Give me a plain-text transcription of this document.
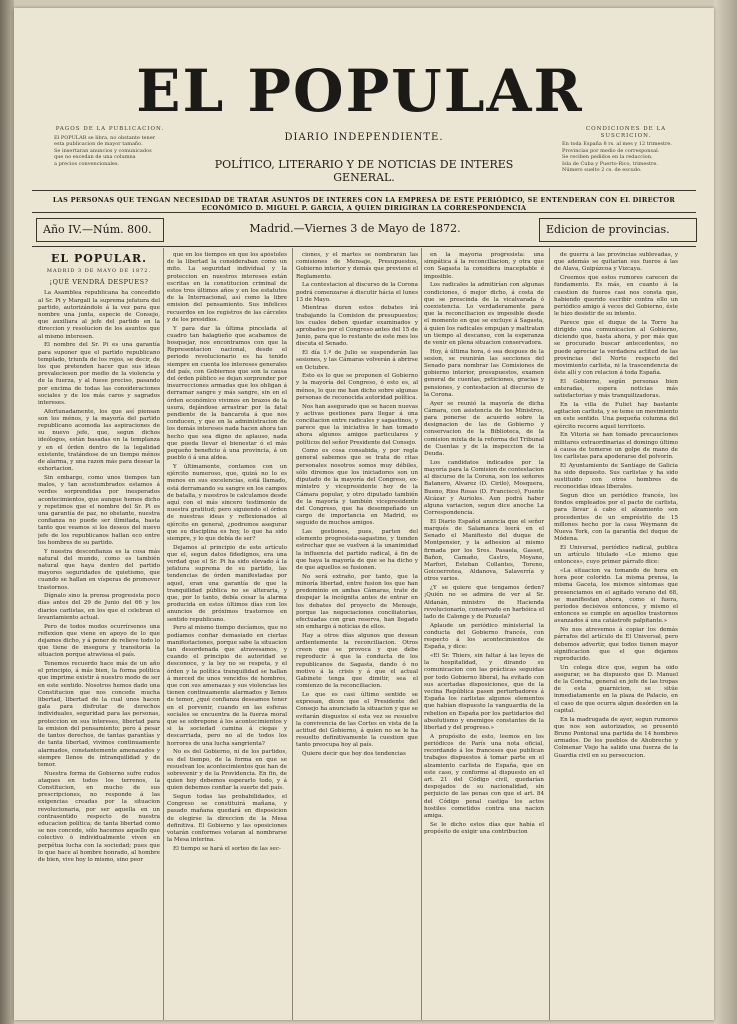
EL POPULAR
PAGOS DE LA PUBLICACION.
El POPULAR se libra, no obstante tener
esta publicacion de mayor tamaño.
Se insertaran anuncios y comunicados
que no excedan de una columna
a precios convencionales.
CONDICIONES DE LA SUSCRICION.
En toda España 8 rs. al mes y 12 trimestre.
Provincias por medio de corresponsal.
Se reciben pedidos en la redaccion.
Isla de Cuba y Puerto-Rico, trimestre.
Número suelto 2 cs. de escudo.
DIARIO INDEPENDIENTE.
POLÍTICO, LITERARIO Y DE NOTICIAS DE INTERES GENERAL.
LAS PERSONAS QUE TENGAN NECESIDAD DE TRATAR ASUNTOS DE INTERES CON LA EMPRESA DE ESTE PERIÓDICO, SE ENTENDERAN CON EL DIRECTOR ECONÓMICO D. MIGUEL P. GARCIA, A QUIEN DIRIGIRAN LA CORRESPONDENCIA
Año IV.—Núm. 800.	Madrid.—Viernes 3 de Mayo de 1872.	Edicion de provincias.
EL POPULAR.
MADRID 3 DE MAYO DE 1872.
¡QUÉ VENDRÁ DESPUES?

La Asamblea republicana ha concedido al Sr. Pi y Margall la suprema jefatura del partido, autorizándole á la vez para que nombre una junta, especie de Consejo, que auxiliara al jefe del partido en la direccion y resolucion de los asuntos que al mismo interesen.

El nombre del Sr. Pi es una garantía para suponer que el partido republicano templado, triunfa de los rojos, se decir, de los que pretenden hacer que sus ideas prevaleciesen por medio de la violencia y de la fuerza, y al fuese preciso, pasando por encima de todas las consideraciones sociales y de los más caros y sagrados intereses.

Afortunadamente, los que así piensan son los ménos, y la mayoría del partido republicano acomoda las aspiraciones de su nuevo jefe, que, segun dichos ideólogos, están basadas en la templanza y en el órden dentro de la legalidad existente, tratándose de un tiempo ménos de alarma, y una razon más para desear la exhortacion.

Sin embargo, como unos tiempos tan malos, y tan acostumbrados estamos á verdes sorprendidas por inesperados acontecimientos, que aunque hemos dicho y repetimos que el nombre del Sr. Pi es una garantía de paz, no obstante, nuestra confianza no puede ser ilimitada, basta tanto que veamos si los deseos del nuevo jefe de los republicanos hallan eco entre los hombres de su partido.

Y nuestra desconfianza es la cosa más natural del mundo, como es también natural que haya dentro del partido mayores seguridades de quietismo, que cuando se hallan en vísperas de promover trastornos.

Dígnalo sino la prensa progresista poco días antes del 29 de Junio del 66 y los diarios carlistas, en los que el celebran el levantamiento actual.

Pero de todos modos ocurrírsenos una reflexion que viene en apoyo de lo que dejamos dicho, y á poner de relieve todo lo que tiene de insegura y transitoria la situacion porque atraviesa el país.

Tenemos recuerdo hace más de un año el principio, á más bien, la forma política que imprime existir á nuestro modo de ser en este sentido. Nosotros hemos dado una Constitucion que nos concede mucha libertad, libertad de la cual unos hacen gala para disfrutar de derechos individuales, seguridad para las personas, proteccion en sus intereses, libertad para la emision del pensamiento; pero á pesar de tantos derechos, de tantas garantías y de tanta libertad, vivimos continuamente alarmados, constantemente amenazados y siempre llenos de intranquilidad y de temor.

Nuestra forma de Gobierno sufre rudos ataques en todos los terrenos, la Constitucion, en mucho de sus prescripciones, no responde á las exigencias creadas por la situacion revolucionaria, por ser aquella en un contrasentido respecto de nuestra educacion política; de tanta libertad como se nos concede, sólo hacemos aquello que colectivo ó individualmente viven en perpétua lucha con la sociedad; pues que lo que hace al hombre honrado, al hombre de bien, vive hoy lo mismo, sino peor

que en los tiempos en que los apóstoles de la libertad la consideraban como un mito. La seguridad individual y la proteccion en nuestros intereses están escritas en la constitucion criminal de estos tres últimos años y en los estatutos de la Internacional, así como la libre emision del pensamiento. Sus infelices recuerdos en los registros de las cárceles y de los presidios.

Y para dar la última pincelada al cuadro tan halagüeño que acabamos de bosquejar, nos encontramos con que la Representacion nacional, desde el periodo revolucionario es ha tenido siempre en cuenta los intereses generales del país, con Gobiernos que son la causa del órden público se dejan sorprender por insurrecciones armadas que los obligan á derramar sangre y más sangre, sin en el órden económico vivimos en brazos de la usura, dejándose arrastrar por la fatal pendiente de la bancarota á que nos conducen, y que en la administracion de los demás intereses nada hacen ahora tan hecho que sea digno de aplauso, nada que pueda llevar el bienestar ó el más pequeño beneficio á una provincia, á un pueblo ó á una aldea.

Y últimamente, contamos con un ejército numeroso, que, quizá no lo es menos en sus excelencias, está llamado, está derramando su sangre en los campos de batalla, y nuestros le calculamos desde aquí con el más sincero testimonio de nuestra gratitud; pero siguiendo el órden de nuestras ideas y reflexionados al ejército en general, ¿podremos asegurar que su disciplina es hoy, lo que ha sido siempre, y lo que debía de ser?

Dejamos al principio de este artículo que el, segun datos fidedignos, era una verdad que el Sr. Pi ha sido elevado á la jefatura suprema de su partido, las tendencias de órden manifestadas por aquel, eran una garantía de que la tranquilidad pública no se alteraria, y que, por lo tanto, debía cesar la alarma producida en estos últimos días con los anuncios de próximos trastornos en sentido republicano.

Pero al mismo tiempo decíamos, que no podíamos confiar demasiado en ciertas manifestaciones, porque sabe la situacion tan desordenada que atravesamos, y cuando el principio de autoridad se desconoce, y la ley no se respeta, y el órden y la política tranquilidad se hallan á merced de unos vencidos de hombres, que con sus amenazas y sus violencias les tienen continuamente alarmados y llenos de temor, ¿qué confianza deseamos tener en el porvenir, cuando en las esferas sociales se encuentra de la fuerza moral que se sobrepone á los acontecimientos y si la sociedad camina á ciegas y descarriada, pero no al de todos los horrores de una lucha sangrienta?

No es del Gobierno, ni de los partidos, es del tiempo, de la forma en que se resuelvan los acontecimientos que han de sobrevenir y de la Providencia. En fin, de quien hoy debemos esperarlo todo, y á quien debemos confiar la suerte del país.

Segun todas las probabilidades, el Congreso se constituirá mañana, y pasado mañana quedará en disposicion de elegirse la direccion de la Mesa definitiva. El Gobierno y las oposiciones votarán conformes votaran al nombrarse la Mesa interina.

El tiempo se hará el sorteo de las sec-

ciones, y el martes se nombrarán las comisiones de Mensaje, Presupuestos, Gobierno interior y demás que previene el Reglamento.

La contestacion al discurso de la Corona podrá comenzarse á discutir hácia el lunes 13 de Mayo.

Mientras duren estos debates irá trabajando la Comision de presupuestos; los cuales deben quedar examinados y aprobados por el Congreso antes del 15 de Junio, para que lo restante de este mes los discuta el Senado.

El día 1.º de Julio se suspenderán las sesiones, y las Cámaras volverán á abrirse en Octubre.

Esto es lo que se proponen el Gobierno y la mayoría del Congreso, ó esto es, al ménos, lo que me han dicho sobre algunas personas de reconocida autoridad política.

Nos han asegurado que se hacen nuevas y activas gestiones para llegar á una conciliacion entre radicales y sagastinos, y parece que la iniciativa le han tomado ahora algunos amigos particulares y políticos del señor Presidente del Consejo.

Como es cosa consabida, y por regla general sabemos que se trata de citas personales nosotros somos muy débiles, sólo diremos que los iniciadores son un diputado de la mayoría del Congreso, ex-ministro y vicepresidente hoy de la Cámara popular, y otro diputado también de la mayoría y también vicepresidente del Congreso, que ha desempeñado un cargo de importancia en Madrid, es seguido de muchos amigos.

Las gestiones, pues, parten del elemento progresista-sagastino, y tienden estrechar que se vuelven á la unanimidad la influencia del partido radical, á fin de que haya la mayoría de que se ha dicho y de que aquellos se fusionen.

No será extraño, por tanto, que la minoría libertad, entre fusion los que han predominio en ambas Cámaras, trate de despejar la incógnita antes de entrar en los debates del proyecto de Mensaje, porque las negociaciones conciliatorias, efectuadas con gran reserva, han llegado sin embargo á noticias de ellos.

Hay a otros días algunos que desean ardientemente la reconciliacion. Otros creen que se provoca y que debe reproducir á que la conducta de los republicanos de Sagasta, dando ó no motivo á la crisis y á que el actual Gabinete tenga que dimitir, sea el comienzo de la reconciliacion.

Lo que es casi último sentido se expresan, dicen que el Presidente del Consejo ha anunciado la situacion y que se evitarán disgustos si esta vez se resuelve la convivencia de las Cortes en vista de la actitud del Gobierno, á quien no se le ha resuelto definitivamente la cuestion que tanto preocupa hoy al país.

Quiere decir que hoy dos tendencias

en la mayoría progresista: una simpática á la reconciliacion, y otra que con Sagasta la considera inaceptable é imposible.

Los radicales la admitirían con algunas condiciones, ó mejor dicho, á costa de que se prescinda de la vicalvarada ó coexistencia. Lo verdaderamente para que la reconciliacion es imposible desde el momento en que se excluye á Sagasta, á quien los radicales empujan y maltratan un tiempo al descanso, con la esperanza de venir en plena situacion conservadora.

Hoy, á última hora, ó sea despues de la sesion, se reunirán las secciones del Senado para nombrar las Comisiones de gobierno interior, presupuestos, examen general de cuentas, peticiones, gracias y pensiones, y contestacion al discurso de la Corona.

Ayer se reunió la mayoría de dicha Cámara, con asistencia de los Ministros, para ponerse de acuerdo sobre la designacion de las de Gobierno y conservacion de la Biblioteca, de la comision mixta de la reforma del Tribunal de Cuentas y de la inspeccion de la Deuda.

Los candidatos indicados por la mayoría para la Comision de contestacion al discurso de la Corona, son los señores Batanero, Alvarez (D. Cirilo), Mosquera, Bueno, Rios Rosas (D. Francisco), Fuente Alcázar y Aurioles. Aun podrá haber alguna variacion, segun dice anoche La Correspondencia.

El Diario Español anuncia que el señor marqués de Salamanca leerá en el Senado el Manifiesto del duque de Montpensier, y la adhesion al mismo firmada por los Sres. Pasaela, Gasset, Bañon, Camaño, Castro, Moyano, Marfori, Esteban Collantes, Toreno, Goicoerrotea, Aldanova, Salaverría y otros varios.

¿Y se quiere que tengamos órden? ¡Quién no se admira de ver al Sr. Aldanán, ministro de Hacienda revolucionario, conservado en harbóica el lado de Calonge y de Pozuela?

Aplaude un periódico ministerial la conducta del Gobierno francés, con respecto á los acontecimientos de España, y dice:

«El Sr. Thiers, sin faltar á las leyes de la hospitalidad, y dirando su comunicacion con las prácticas seguidas por todo Gobierno liberal, ha evitado con sus acertadas disposiciones, que de la vecina República pasen perturbadores á España los carlistas algunos elementos que habían dispuesto la vanguardia de la rebelion en España por los partidarios del absolutismo y enemigos constantes de la libertad y del progreso.»

A propósito de esto, leemos en los periódicos de París una nota oficial, recordando á los franceses que publican trabajos dispuestos á tomar parte en el alzamiento carlista de España, que en este caso, y conforme al dispuesto en el art. 21 del Código civil, quedarían despojados de su nacionalidad, sin perjuicio de las penas con que el art. 84 del Código penal castiga los actos hostiles cometidos contra una nacion amiga.

Se le dicho estos días que había el propósito de exigir una contribucion

de guerra á las provincias sublevadas, y que además se quitarían sus fueros á las de Alava, Guipúzcoa y Vizcaya.

Creemos que estos rumores carecen de fundamento. Es más, en cuanto á la cuestion de fueros casi nos consta que, habiendo querido escribir contra ello un periódico amigo á veces del Gobierno, éste le hizo desistir de su intento.

Parece que el duque de la Torre ha dirigido una comunicacion al Gobierno, diciendo que, hasta ahora, y por más que se procurado buscar antecedentes, no puede apreciar la verdadera actitud de las provincias del Norte respecto del movimiento carlista, ni la trascendencia de éste allí y con relacion á toda España.

El Gobierno, según personas bien enteradas, espera noticias más satisfactorias y más tranquilizadoras.

En la villa de Fuliet hay bastante agitacion carlista, y se teme un movimiento en este sentido. Una pequeña columna del ejército recorre aquel territorio.

En Vitoria se han tomado precauciones militares extraordinarias el domingo último á causa de temerse un golpe de mano de los carlistas para apoderarse del polvorín.

El Ayuntamiento de Santiago de Galicia ha sido depuesto. Sus carlistas y ha sido sustituido con otros hombres de reconocidas ideas liberales.

Segun dice un periódico francés, los fondos empleados por el pacto de carlista, para llevar á cabo el alzamiento son procedentes de un empréstito de 15 millones hecho por la casa Weymann de Nueva York, con la garantía del duque de Módena.

El Universal, periódico radical, publica un artículo titulado «Lo mismo que entonces», cuyo primer párrafo dice:

«La situacion va tomando de hora en hora peor colorido. La misma prensa, la misma Gaceta, los mismos síntomas que presenciamos en el agitado verano del 68, se manifiestan ahora, como si fuera, periodos decisivos entonces, y mismo el entonces se cumple en aquellos trastornos avanzados á una catástrofe palpitante.»

No nos atrevemos á copiar los demás párrafos del artículo de El Universal, pero debemos advertir, que todos tienen mayor significacion que el que dejamos reproducido.

Un colega dice que, segun ha oido asegurar, se ha dispuesto que D. Manuel de la Concha, general en jefe de las tropas de esta guarnicion, se sitúe inmediatamente en la plaza de Palacio, en el caso de que ocurra algun desórden en la capital.

En la madrugada de ayer, segun rumores que nos son autorizados, se presentó Bruno Pontonal una partida de 14 hombres armados. De los pueblos de Ahobreche y Colmenar Viejo ha salido una fuerza de la Guardia civil en su persecucion.
